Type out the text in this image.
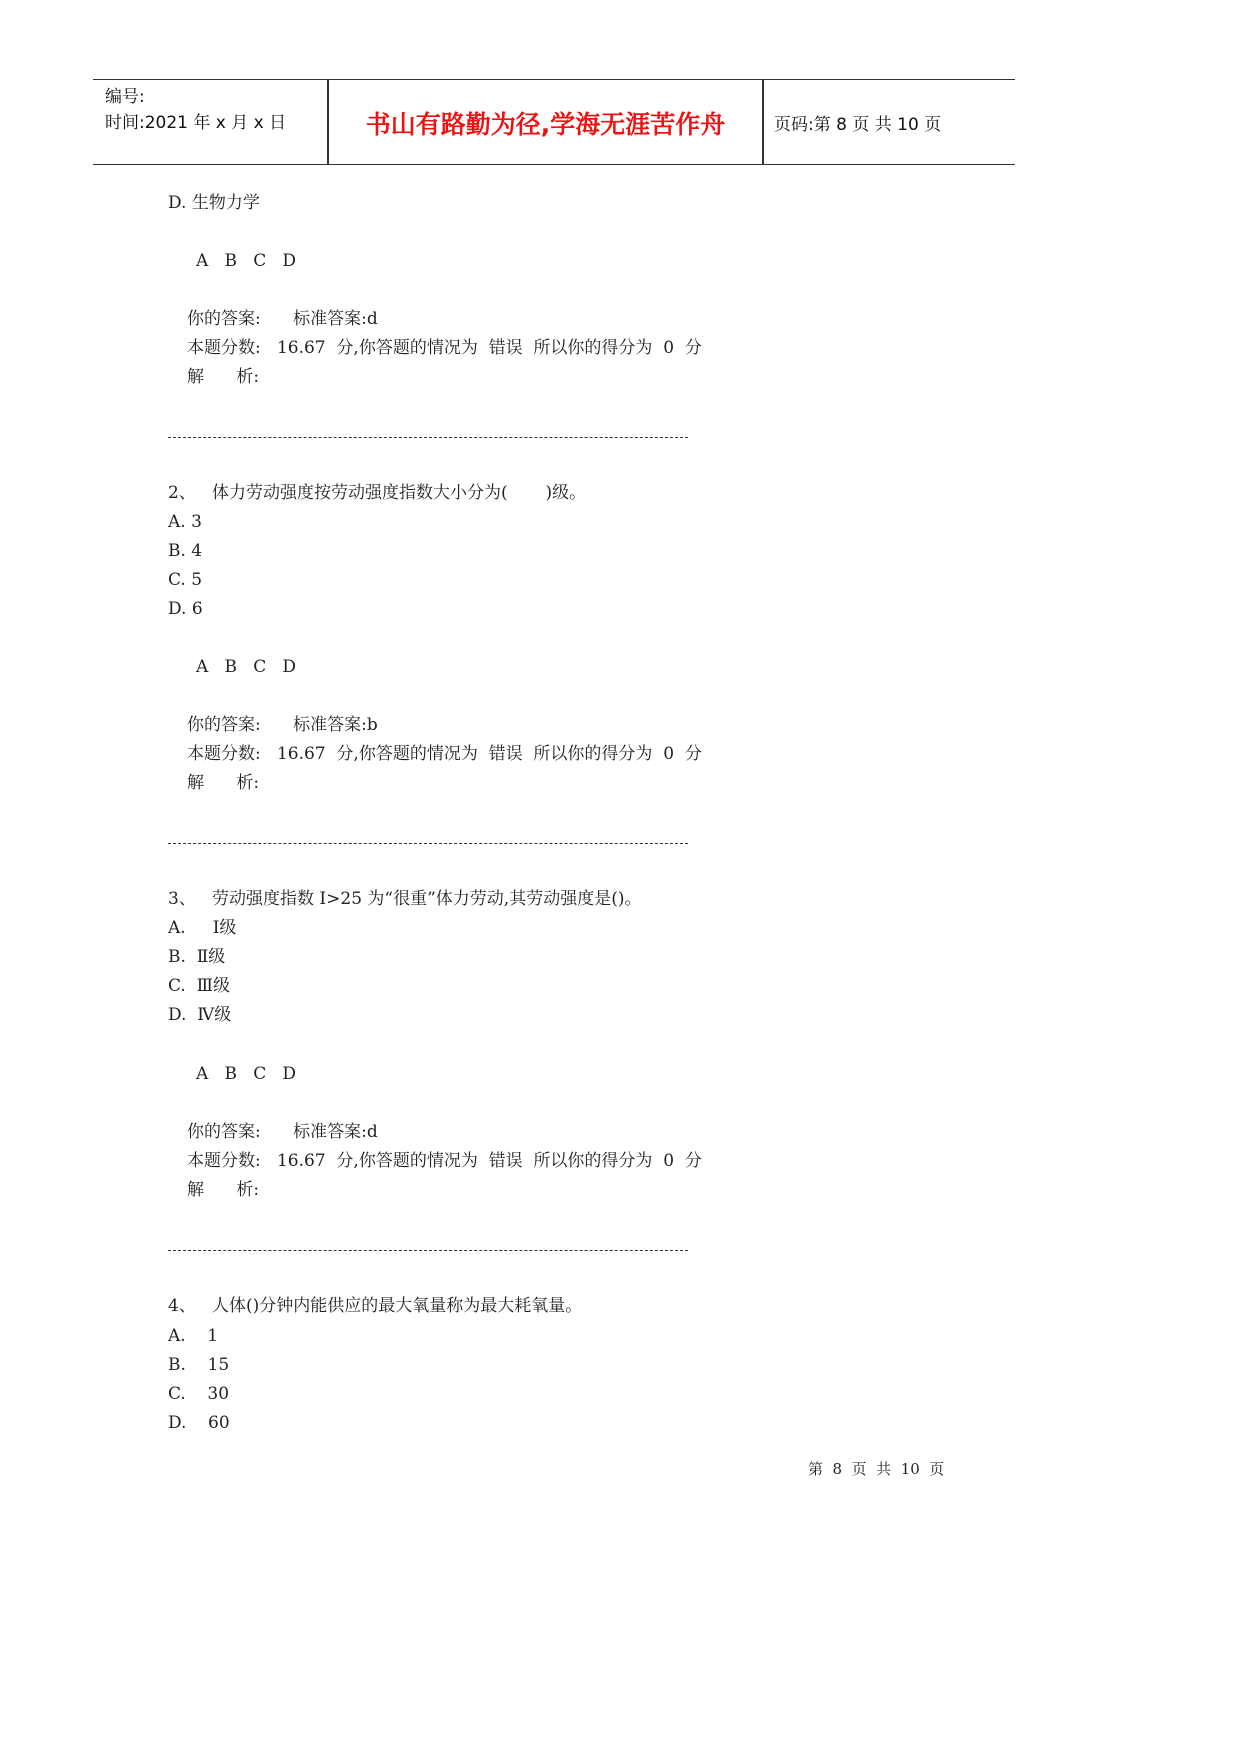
编号:
时间:2021 年 x 月 x 日	书山有路勤为径,学海无涯苦作舟	页码:第 8 页 共 10 页
D. 生物力学
A   B   C   D
你的答案:      标准答案:d
本题分数:   16.67  分,你答题的情况为  错误  所以你的得分为  0  分
解      析:
2、   体力劳动强度按劳动强度指数大小分为(       )级。
A. 3
B. 4
C. 5
D. 6
A   B   C   D
你的答案:      标准答案:b
本题分数:   16.67  分,你答题的情况为  错误  所以你的得分为  0  分
解      析:
3、   劳动强度指数 I>25 为“很重”体力劳动,其劳动强度是()。
A.     Ⅰ级
B.  Ⅱ级
C.  Ⅲ级
D.  Ⅳ级
A   B   C   D
你的答案:      标准答案:d
本题分数:   16.67  分,你答题的情况为  错误  所以你的得分为  0  分
解      析:
4、   人体()分钟内能供应的最大氧量称为最大耗氧量。
A.    1
B.    15
C.    30
D.    60
第  8  页  共  10  页
